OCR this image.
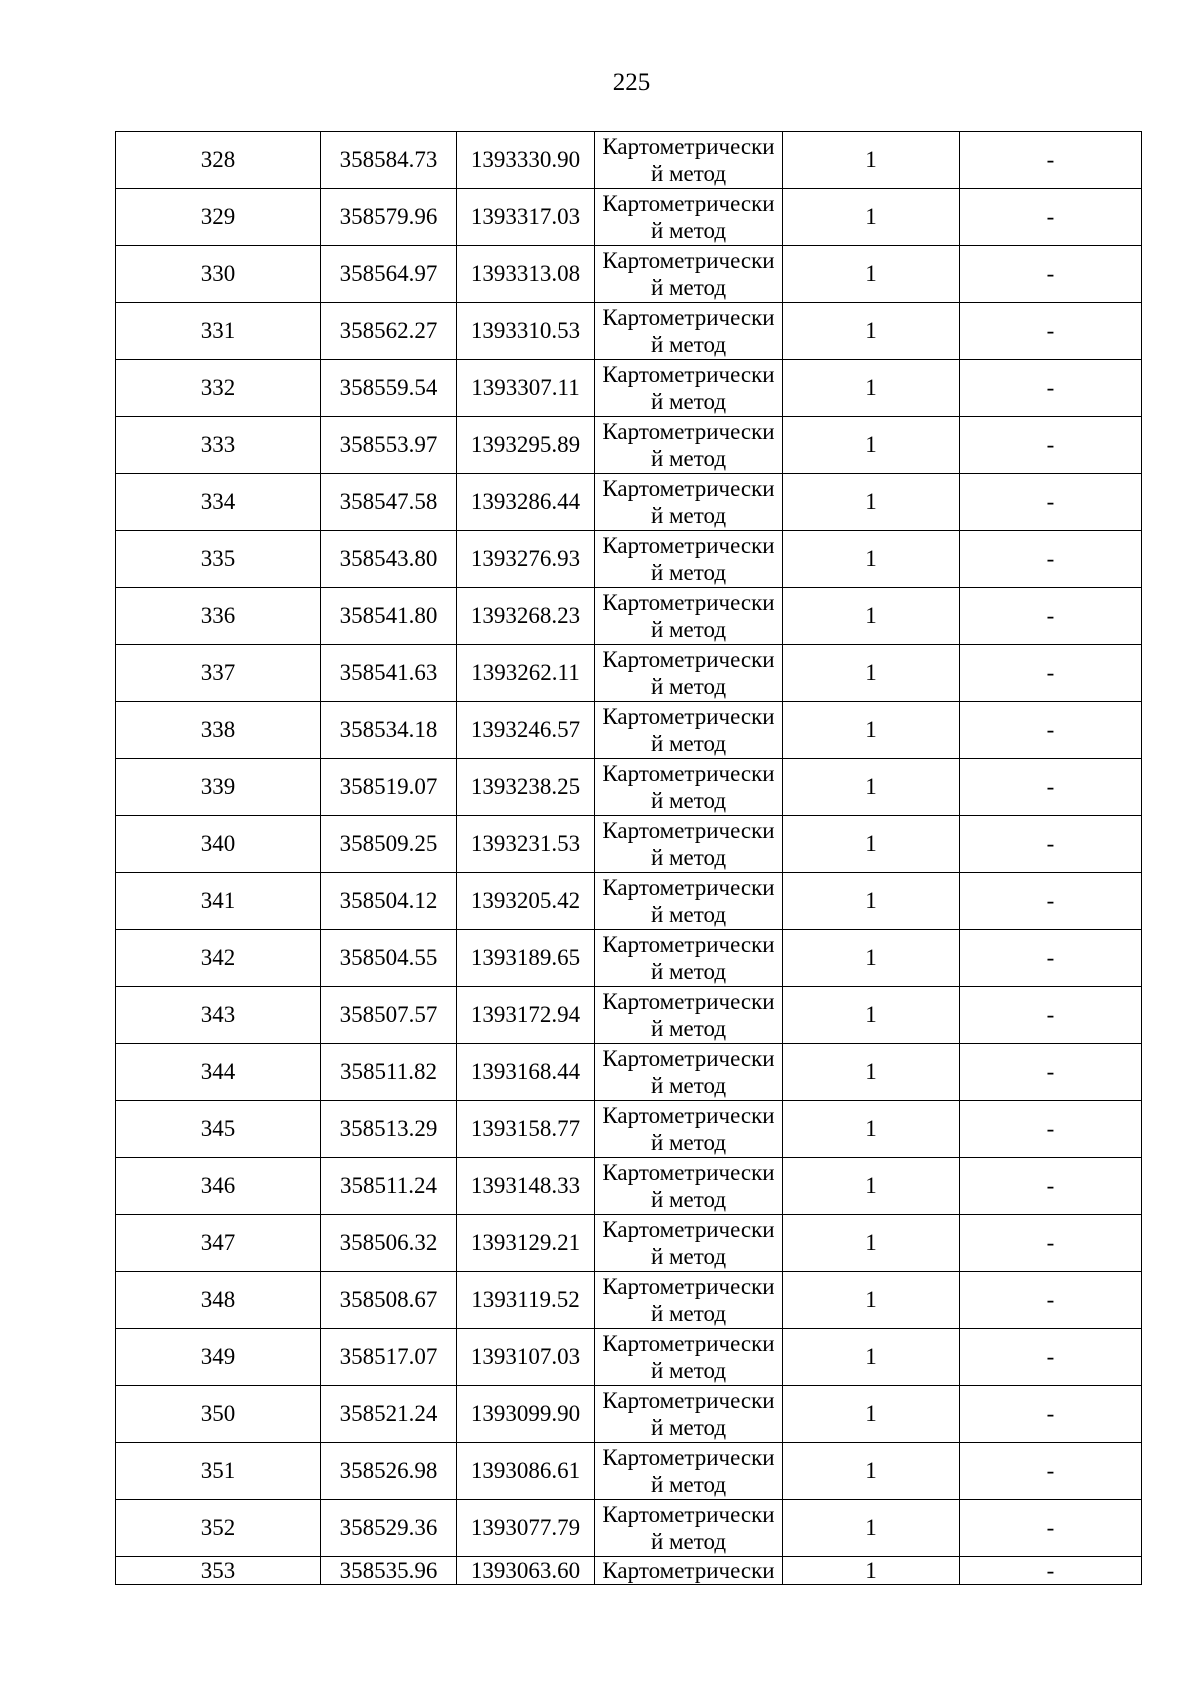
225
328	358584.73	1393330.90	Картометрически
й метод	1	-
329	358579.96	1393317.03	Картометрически
й метод	1	-
330	358564.97	1393313.08	Картометрически
й метод	1	-
331	358562.27	1393310.53	Картометрически
й метод	1	-
332	358559.54	1393307.11	Картометрически
й метод	1	-
333	358553.97	1393295.89	Картометрически
й метод	1	-
334	358547.58	1393286.44	Картометрически
й метод	1	-
335	358543.80	1393276.93	Картометрически
й метод	1	-
336	358541.80	1393268.23	Картометрически
й метод	1	-
337	358541.63	1393262.11	Картометрически
й метод	1	-
338	358534.18	1393246.57	Картометрически
й метод	1	-
339	358519.07	1393238.25	Картометрически
й метод	1	-
340	358509.25	1393231.53	Картометрически
й метод	1	-
341	358504.12	1393205.42	Картометрически
й метод	1	-
342	358504.55	1393189.65	Картометрически
й метод	1	-
343	358507.57	1393172.94	Картометрически
й метод	1	-
344	358511.82	1393168.44	Картометрически
й метод	1	-
345	358513.29	1393158.77	Картометрически
й метод	1	-
346	358511.24	1393148.33	Картометрически
й метод	1	-
347	358506.32	1393129.21	Картометрически
й метод	1	-
348	358508.67	1393119.52	Картометрически
й метод	1	-
349	358517.07	1393107.03	Картометрически
й метод	1	-
350	358521.24	1393099.90	Картометрически
й метод	1	-
351	358526.98	1393086.61	Картометрически
й метод	1	-
352	358529.36	1393077.79	Картометрически
й метод	1	-
353	358535.96	1393063.60	Картометрически	1	-
